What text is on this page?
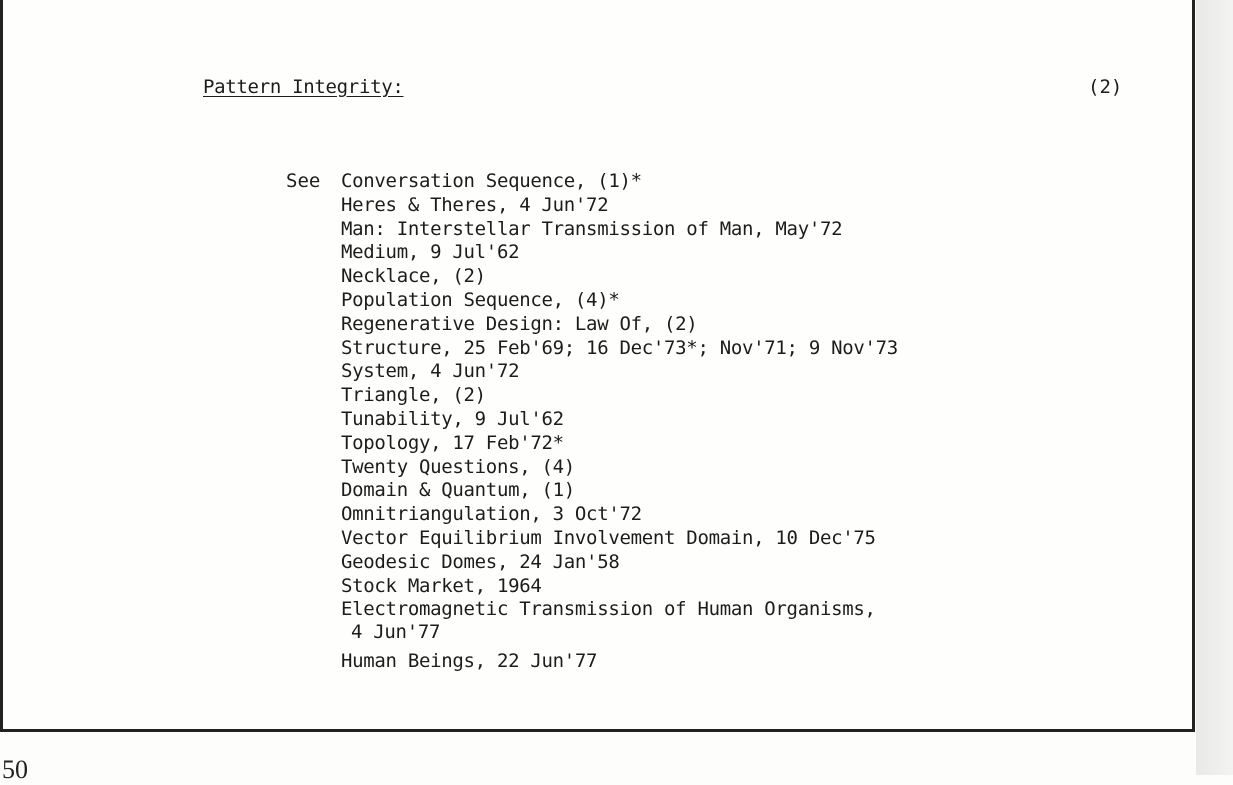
Pattern Integrity:	(2)
See Conversation Sequence, (1)*
Heres & Theres, 4 Jun'72
Man: Interstellar Transmission of Man, May'72
Medium, 9 Jul'62
Necklace, (2)
Population Sequence, (4)*
Regenerative Design: Law Of, (2)
Structure, 25 Feb'69; 16 Dec'73*; Nov'71; 9 Nov'73
System, 4 Jun'72
Triangle, (2)
Tunability, 9 Jul'62
Topology, 17 Feb'72*
Twenty Questions, (4)
Domain & Quantum, (1)
Omnitriangulation, 3 Oct'72
Vector Equilibrium Involvement Domain, 10 Dec'75
Geodesic Domes, 24 Jan'58
Stock Market, 1964
Electromagnetic Transmission of Human Organisms,
4 Jun'77
Human Beings, 22 Jun'77
50
